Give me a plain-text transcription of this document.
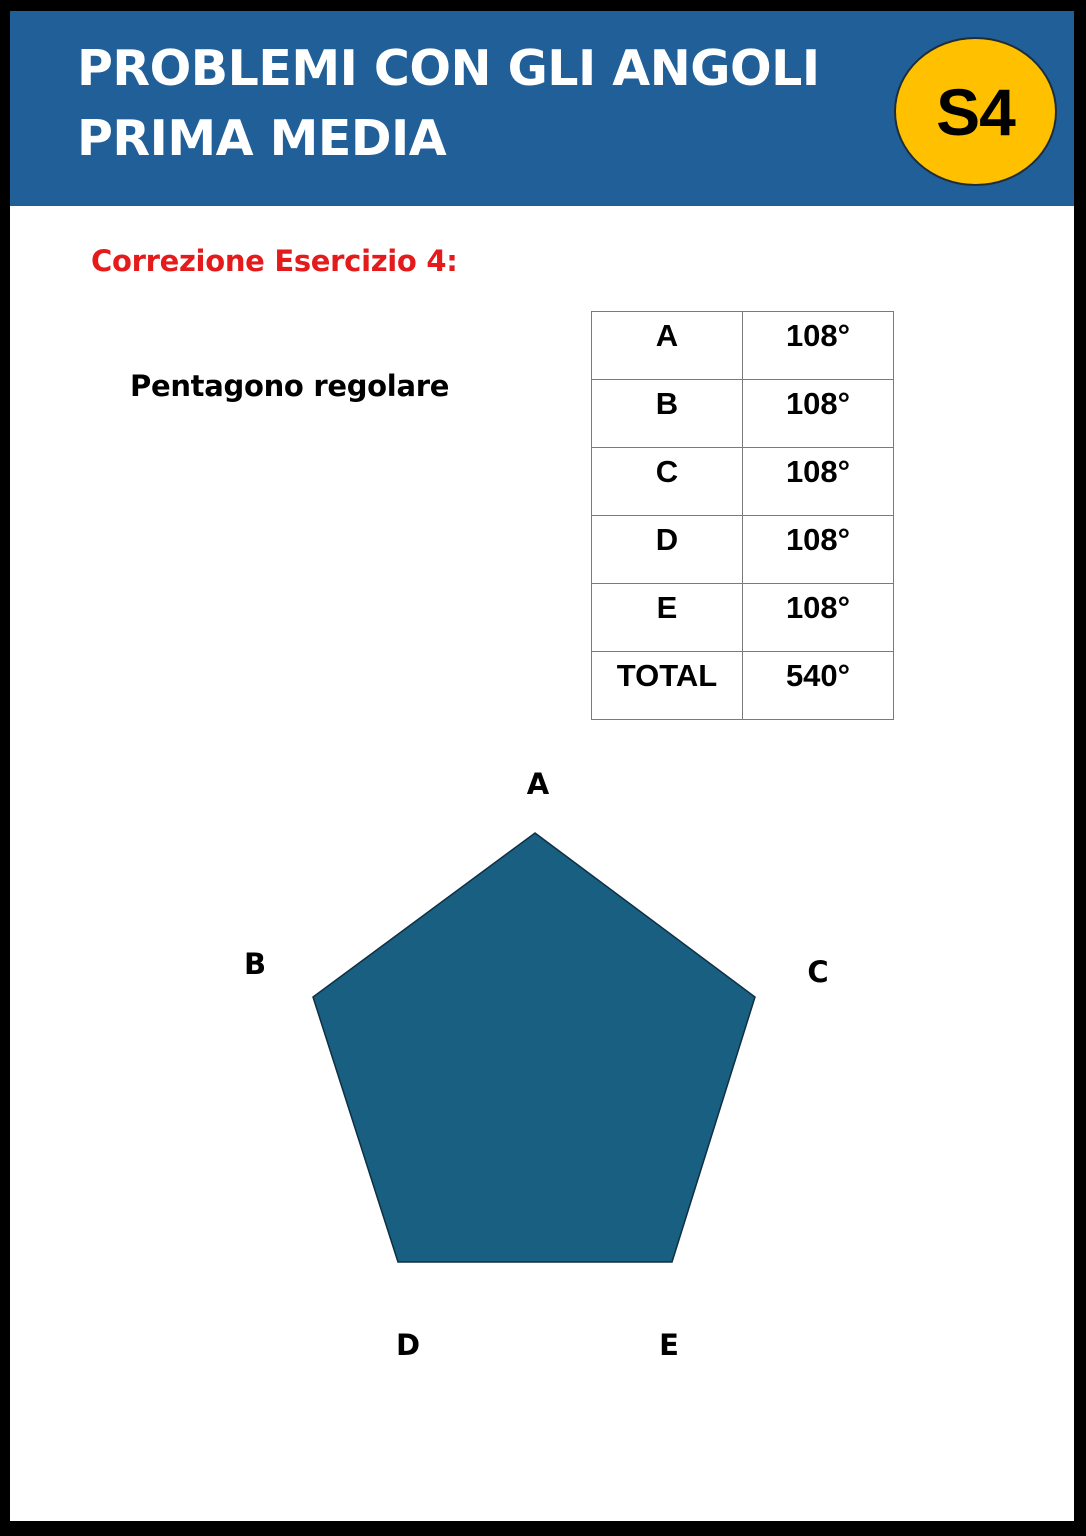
PROBLEMI CON GLI ANGOLI
PRIMA MEDIA	S4
Correzione Esercizio 4:
Pentagono regolare
A	108°
B	108°
C	108°
D	108°
E	108°
TOTAL	540°
A
B	C
D	E
